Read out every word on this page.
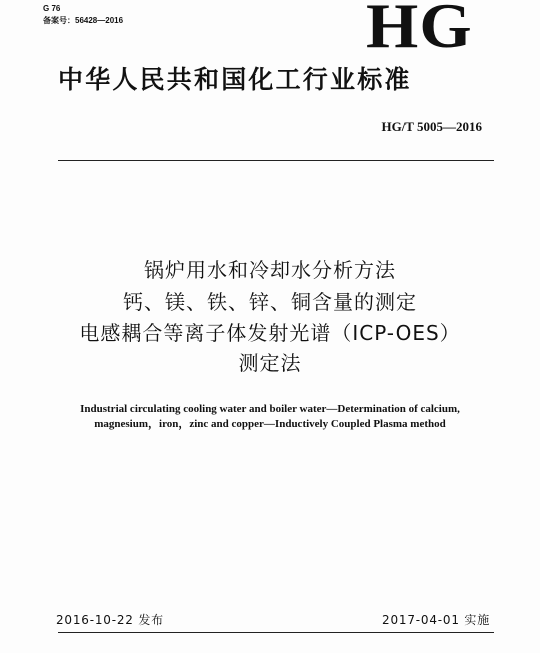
G 76
备案号：56428—2016	HG
中华人民共和国化工行业标准
HG/T 5005—2016
锅炉用水和冷却水分析方法
钙、镁、铁、锌、铜含量的测定
电感耦合等离子体发射光谱（ICP-OES）
测定法
Industrial circulating cooling water and boiler water—Determination of calcium,
magnesium，iron，zinc and copper—Inductively Coupled Plasma method
2016-10-22 发布	2017-04-01 实施
